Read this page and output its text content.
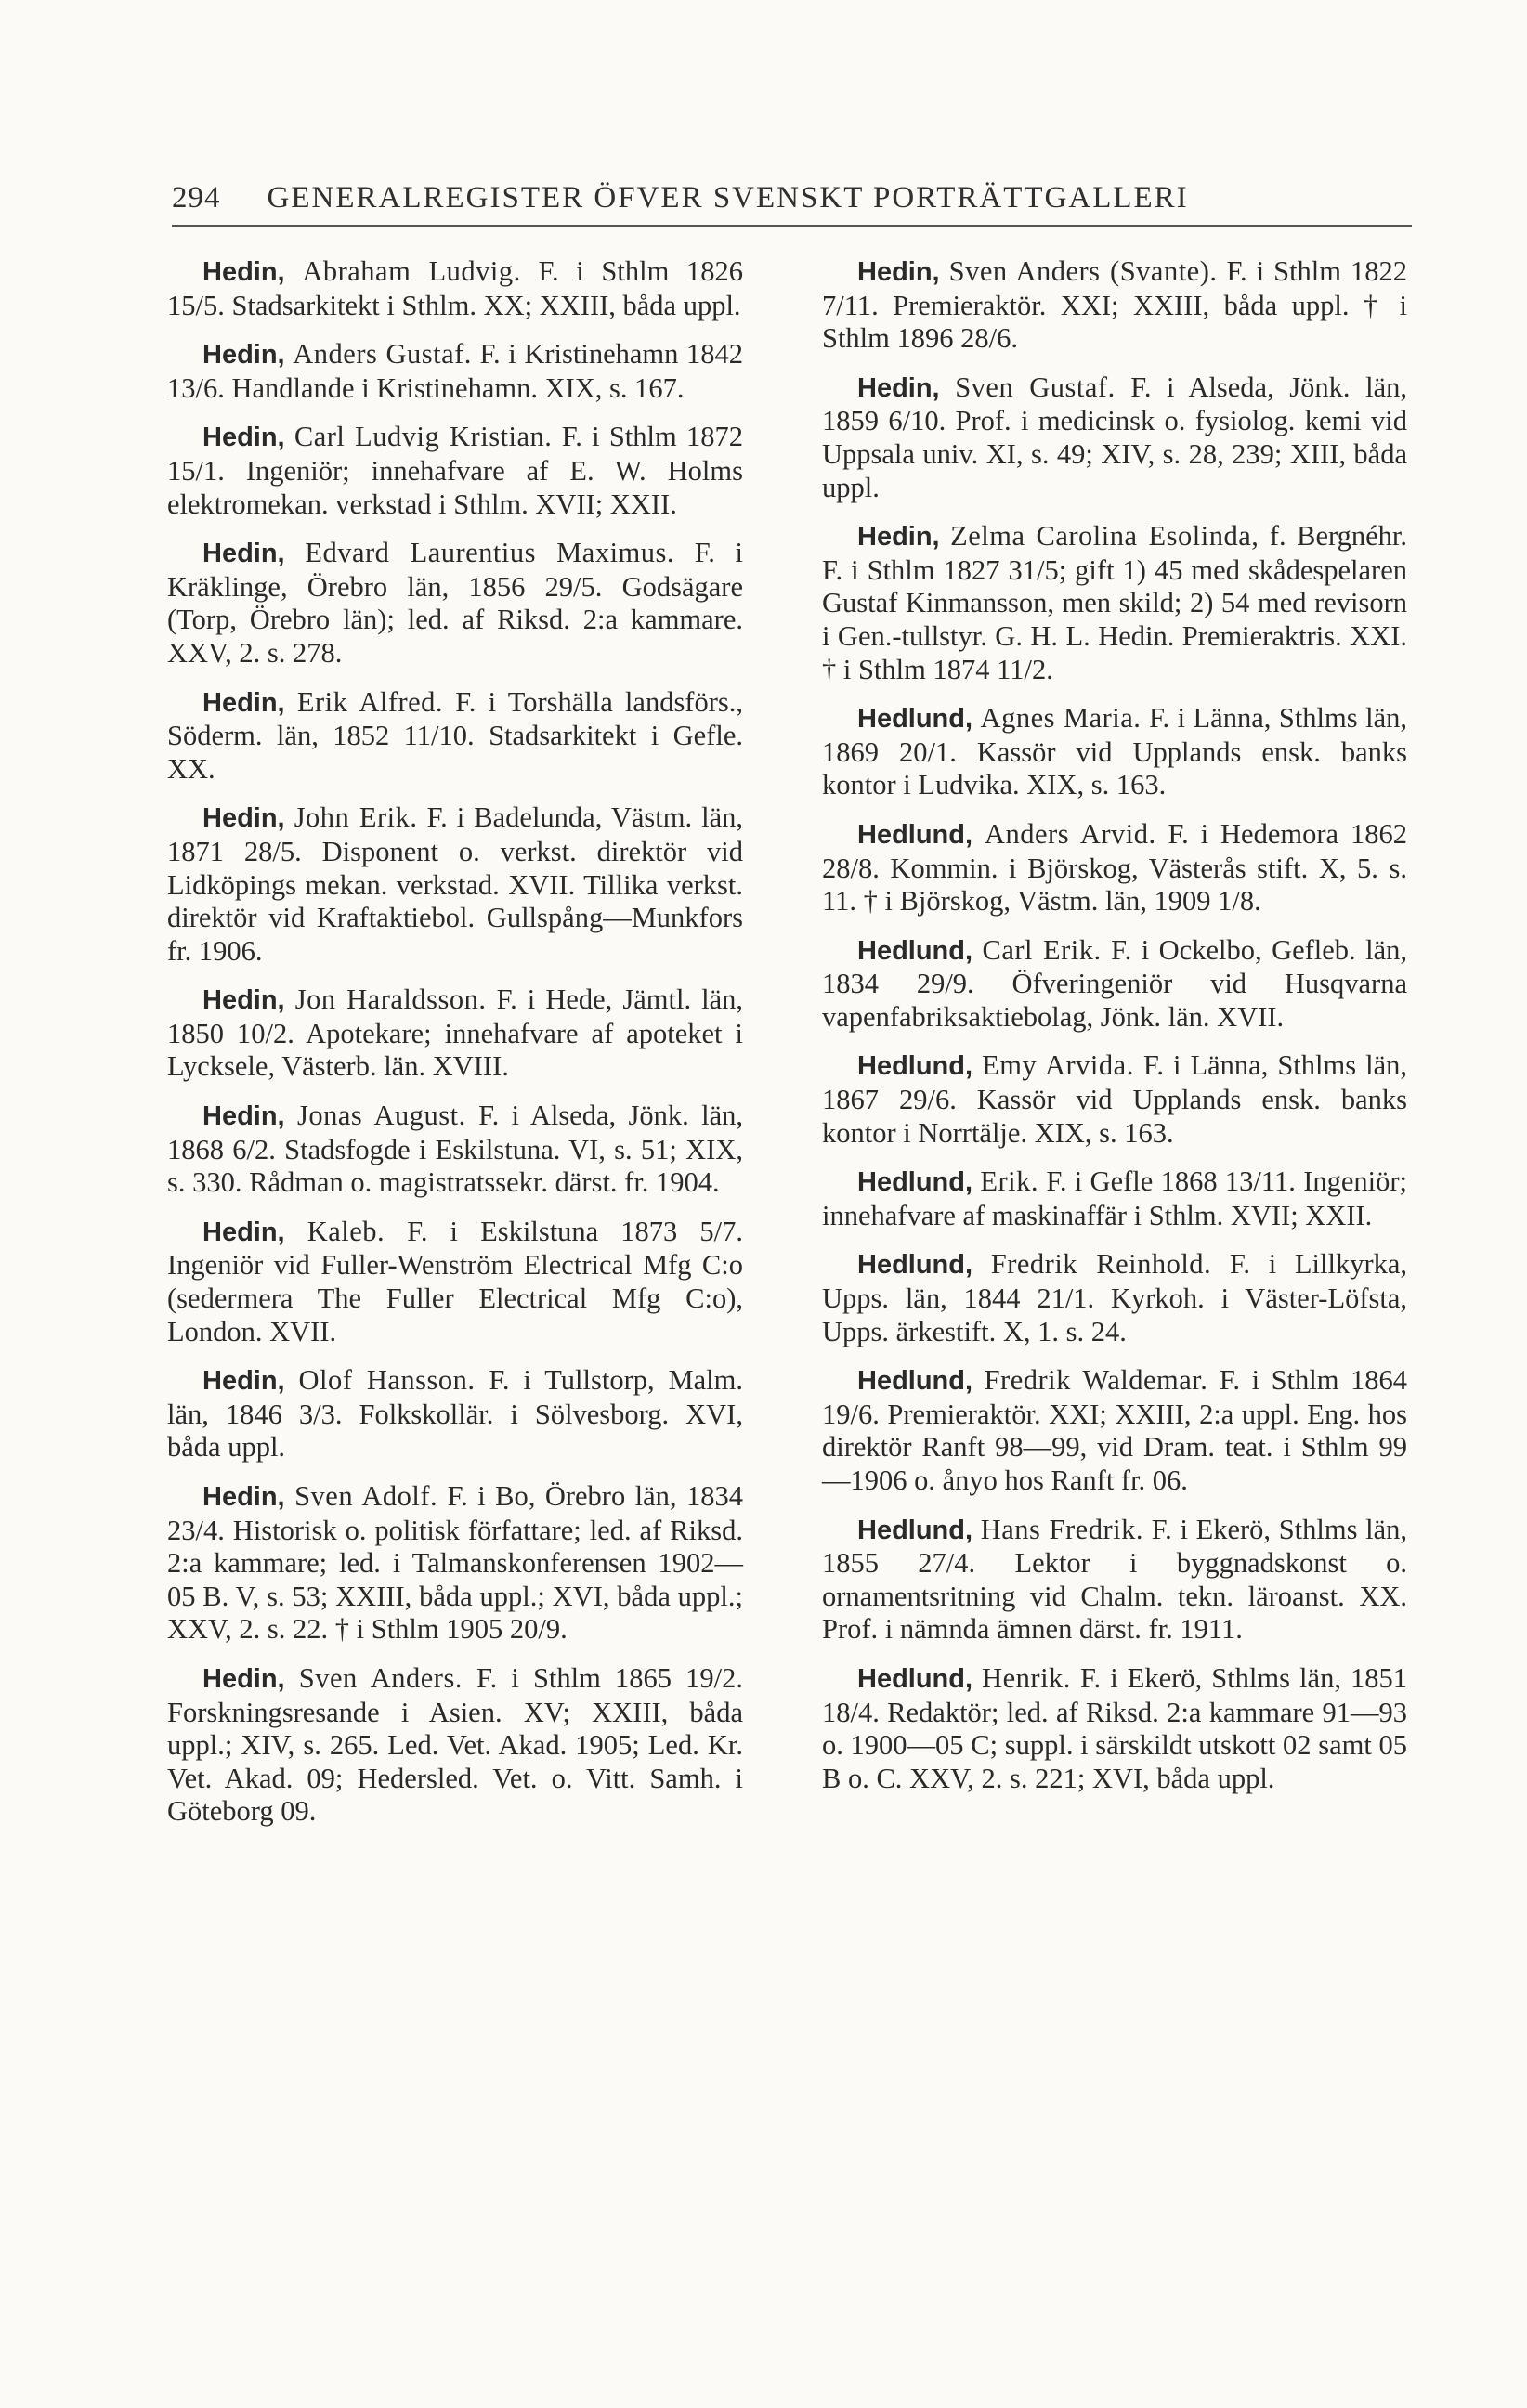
294 GENERALREGISTER ÖFVER SVENSKT PORTRÄTTGALLERI

Hedin, Abraham Ludvig. F. i Sthlm 1826 15/5. Stadsarkitekt i Sthlm. XX; XXIII, båda uppl.

Hedin, Anders Gustaf. F. i Kristinehamn 1842 13/6. Handlande i Kristinehamn. XIX, s. 167.

Hedin, Carl Ludvig Kristian. F. i Sthlm 1872 15/1. Ingeniör; innehafvare af E. W. Holms elektromekan. verkstad i Sthlm. XVII; XXII.

Hedin, Edvard Laurentius Maximus. F. i Kräklinge, Örebro län, 1856 29/5. Godsägare (Torp, Örebro län); led. af Riksd. 2:a kammare. XXV, 2. s. 278.

Hedin, Erik Alfred. F. i Torshälla landsförs., Söderm. län, 1852 11/10. Stadsarkitekt i Gefle. XX.

Hedin, John Erik. F. i Badelunda, Västm. län, 1871 28/5. Disponent o. verkst. direktör vid Lidköpings mekan. verkstad. XVII. Tillika verkst. direktör vid Kraftaktiebol. Gullspång—Munkfors fr. 1906.

Hedin, Jon Haraldsson. F. i Hede, Jämtl. län, 1850 10/2. Apotekare; innehafvare af apoteket i Lycksele, Västerb. län. XVIII.

Hedin, Jonas August. F. i Alseda, Jönk. län, 1868 6/2. Stadsfogde i Eskilstuna. VI, s. 51; XIX, s. 330. Rådman o. magistratssekr. därst. fr. 1904.

Hedin, Kaleb. F. i Eskilstuna 1873 5/7. Ingeniör vid Fuller-Wenström Electrical Mfg C:o (sedermera The Fuller Electrical Mfg C:o), London. XVII.

Hedin, Olof Hansson. F. i Tullstorp, Malm. län, 1846 3/3. Folkskollär. i Sölvesborg. XVI, båda uppl.

Hedin, Sven Adolf. F. i Bo, Örebro län, 1834 23/4. Historisk o. politisk författare; led. af Riksd. 2:a kammare; led. i Talmanskonferensen 1902—05 B. V, s. 53; XXIII, båda uppl.; XVI, båda uppl.; XXV, 2. s. 22. † i Sthlm 1905 20/9.

Hedin, Sven Anders. F. i Sthlm 1865 19/2. Forskningsresande i Asien. XV; XXIII, båda uppl.; XIV, s. 265. Led. Vet. Akad. 1905; Led. Kr. Vet. Akad. 09; Hedersled. Vet. o. Vitt. Samh. i Göteborg 09.

Hedin, Sven Anders (Svante). F. i Sthlm 1822 7/11. Premieraktör. XXI; XXIII, båda uppl. † i Sthlm 1896 28/6.

Hedin, Sven Gustaf. F. i Alseda, Jönk. län, 1859 6/10. Prof. i medicinsk o. fysiolog. kemi vid Uppsala univ. XI, s. 49; XIV, s. 28, 239; XIII, båda uppl.

Hedin, Zelma Carolina Esolinda, f. Bergnéhr. F. i Sthlm 1827 31/5; gift 1) 45 med skådespelaren Gustaf Kinmansson, men skild; 2) 54 med revisorn i Gen.-tullstyr. G. H. L. Hedin. Premieraktris. XXI. † i Sthlm 1874 11/2.

Hedlund, Agnes Maria. F. i Länna, Sthlms län, 1869 20/1. Kassör vid Upplands ensk. banks kontor i Ludvika. XIX, s. 163.

Hedlund, Anders Arvid. F. i Hedemora 1862 28/8. Kommin. i Björskog, Västerås stift. X, 5. s. 11. † i Björskog, Västm. län, 1909 1/8.

Hedlund, Carl Erik. F. i Ockelbo, Gefleb. län, 1834 29/9. Öfveringeniör vid Husqvarna vapenfabriksaktiebolag, Jönk. län. XVII.

Hedlund, Emy Arvida. F. i Länna, Sthlms län, 1867 29/6. Kassör vid Upplands ensk. banks kontor i Norrtälje. XIX, s. 163.

Hedlund, Erik. F. i Gefle 1868 13/11. Ingeniör; innehafvare af maskinaffär i Sthlm. XVII; XXII.

Hedlund, Fredrik Reinhold. F. i Lillkyrka, Upps. län, 1844 21/1. Kyrkoh. i Väster-Löfsta, Upps. ärkestift. X, 1. s. 24.

Hedlund, Fredrik Waldemar. F. i Sthlm 1864 19/6. Premieraktör. XXI; XXIII, 2:a uppl. Eng. hos direktör Ranft 98—99, vid Dram. teat. i Sthlm 99—1906 o. ånyo hos Ranft fr. 06.

Hedlund, Hans Fredrik. F. i Ekerö, Sthlms län, 1855 27/4. Lektor i byggnadskonst o. ornamentsritning vid Chalm. tekn. läroanst. XX. Prof. i nämnda ämnen därst. fr. 1911.

Hedlund, Henrik. F. i Ekerö, Sthlms län, 1851 18/4. Redaktör; led. af Riksd. 2:a kammare 91—93 o. 1900—05 C; suppl. i särskildt utskott 02 samt 05 B o. C. XXV, 2. s. 221; XVI, båda uppl.
